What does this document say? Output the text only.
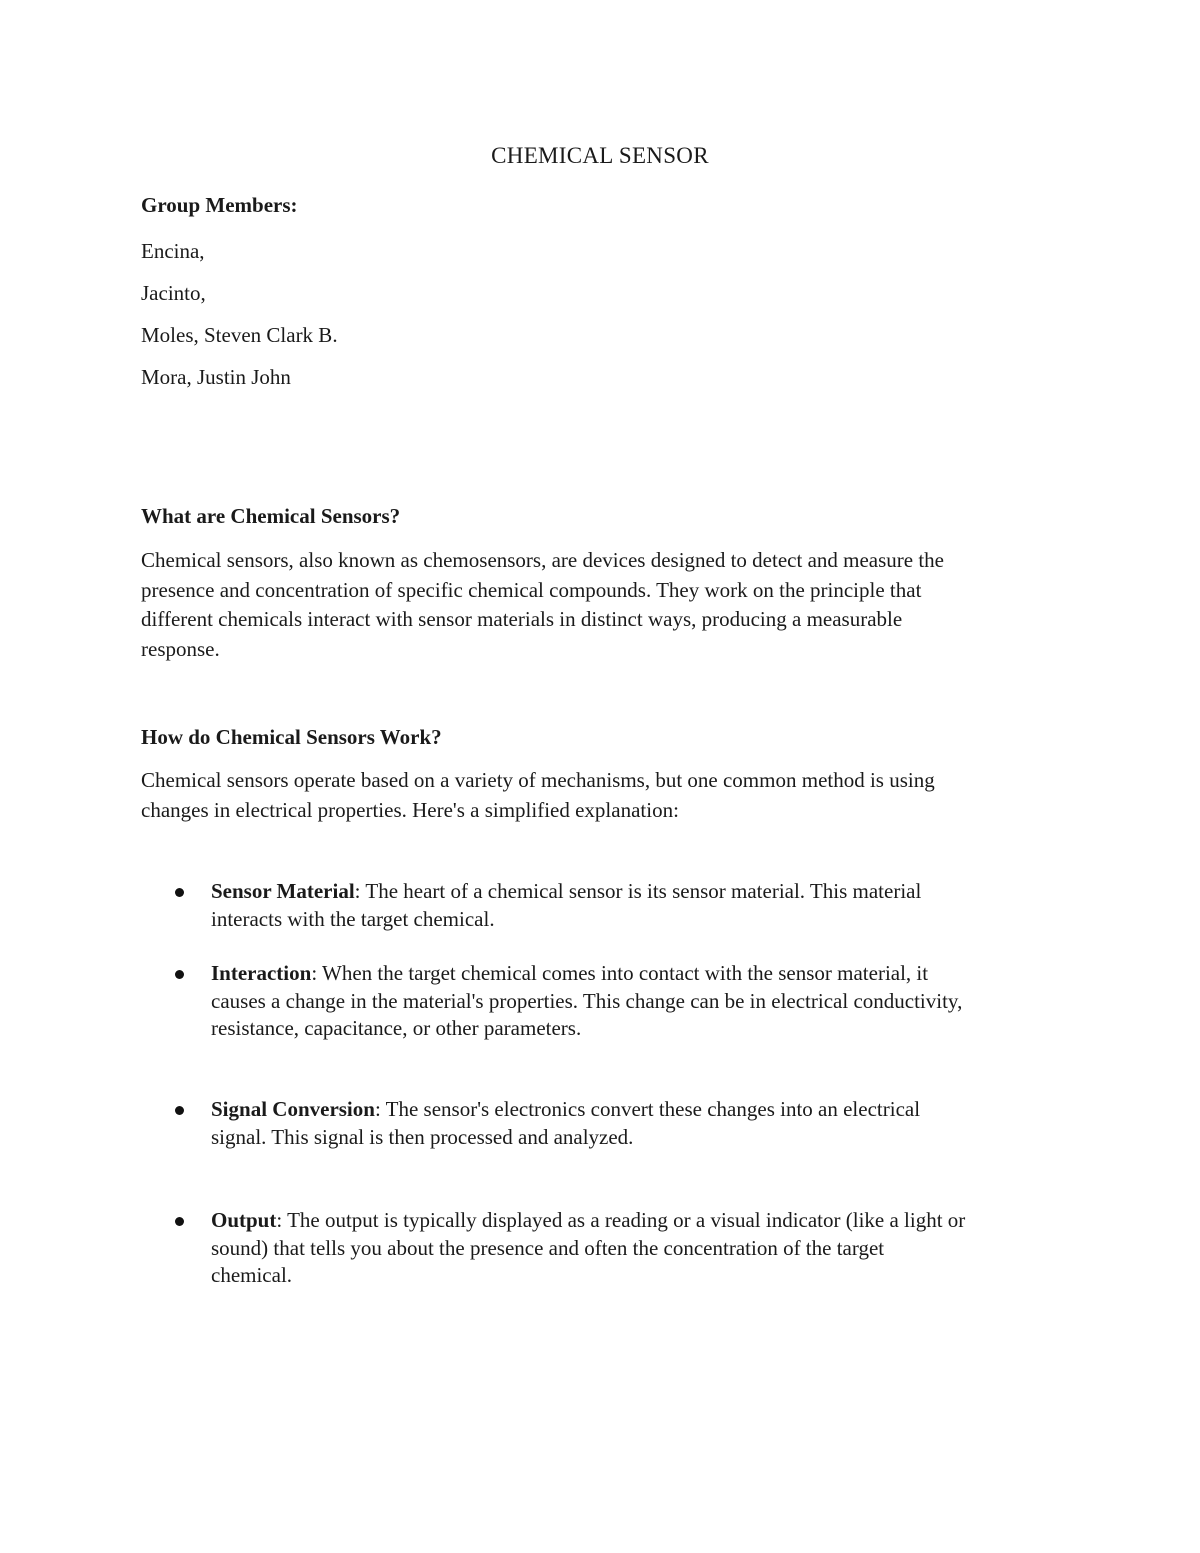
CHEMICAL SENSOR
Group Members:
Encina,
Jacinto,
Moles, Steven Clark B.
Mora, Justin John
What are Chemical Sensors?
Chemical sensors, also known as chemosensors, are devices designed to detect and measure the
presence and concentration of specific chemical compounds. They work on the principle that
different chemicals interact with sensor materials in distinct ways, producing a measurable
response.
How do Chemical Sensors Work?
Chemical sensors operate based on a variety of mechanisms, but one common method is using
changes in electrical properties. Here's a simplified explanation:
Sensor Material: The heart of a chemical sensor is its sensor material. This material
interacts with the target chemical.
Interaction: When the target chemical comes into contact with the sensor material, it
causes a change in the material's properties. This change can be in electrical conductivity,
resistance, capacitance, or other parameters.
Signal Conversion: The sensor's electronics convert these changes into an electrical
signal. This signal is then processed and analyzed.
Output: The output is typically displayed as a reading or a visual indicator (like a light or
sound) that tells you about the presence and often the concentration of the target
chemical.
